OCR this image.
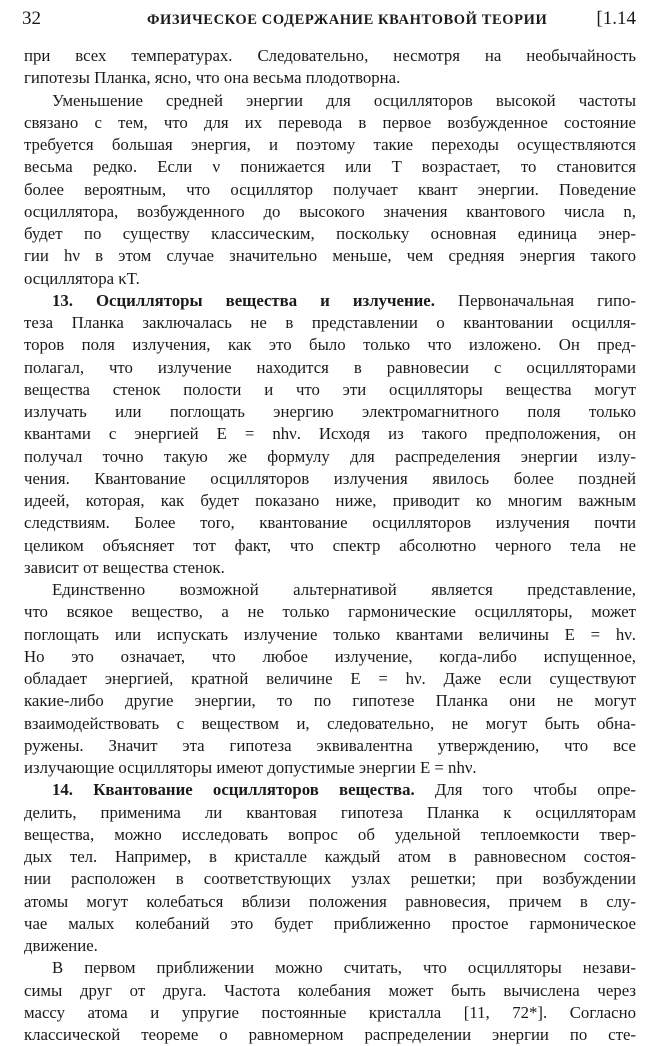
32	ФИЗИЧЕСКОЕ СОДЕРЖАНИЕ КВАНТОВОЙ ТЕОРИИ	[1.14
при всех температурах. Следовательно, несмотря на необычайность
гипотезы Планка, ясно, что она весьма плодотворна.
Уменьшение средней энергии для осцилляторов высокой частоты
связано с тем, что для их перевода в первое возбужденное состояние
требуется большая энергия, и поэтому такие переходы осуществляются
весьма редко. Если ν понижается или T возрастает, то становится
более вероятным, что осциллятор получает квант энергии. Поведение
осциллятора, возбужденного до высокого значения квантового числа n,
будет по существу классическим, поскольку основная единица энер-
гии hν в этом случае значительно меньше, чем средняя энергия такого
осциллятора κT.
13. Осцилляторы вещества и излучение. Первоначальная гипо-
теза Планка заключалась не в представлении о квантовании осцилля-
торов поля излучения, как это было только что изложено. Он пред-
полагал, что излучение находится в равновесии с осцилляторами
вещества стенок полости и что эти осцилляторы вещества могут
излучать или поглощать энергию электромагнитного поля только
квантами с энергией E = nhν. Исходя из такого предположения, он
получал точно такую же формулу для распределения энергии излу-
чения. Квантование осцилляторов излучения явилось более поздней
идеей, которая, как будет показано ниже, приводит ко многим важным
следствиям. Более того, квантование осцилляторов излучения почти
целиком объясняет тот факт, что спектр абсолютно черного тела не
зависит от вещества стенок.
Единственно возможной альтернативой является представление,
что всякое вещество, а не только гармонические осцилляторы, может
поглощать или испускать излучение только квантами величины E = hν.
Но это означает, что любое излучение, когда-либо испущенное,
обладает энергией, кратной величине E = hν. Даже если существуют
какие-либо другие энергии, то по гипотезе Планка они не могут
взаимодействовать с веществом и, следовательно, не могут быть обна-
ружены. Значит эта гипотеза эквивалентна утверждению, что все
излучающие осцилляторы имеют допустимые энергии E = nhν.
14. Квантование осцилляторов вещества. Для того чтобы опре-
делить, применима ли квантовая гипотеза Планка к осцилляторам
вещества, можно исследовать вопрос об удельной теплоемкости твер-
дых тел. Например, в кристалле каждый атом в равновесном состоя-
нии расположен в соответствующих узлах решетки; при возбуждении
атомы могут колебаться вблизи положения равновесия, причем в слу-
чае малых колебаний это будет приближенно простое гармоническое
движение.
В первом приближении можно считать, что осцилляторы незави-
симы друг от друга. Частота колебания может быть вычислена через
массу атома и упругие постоянные кристалла [11, 72*]. Согласно
классической теореме о равномерном распределении энергии по сте-
